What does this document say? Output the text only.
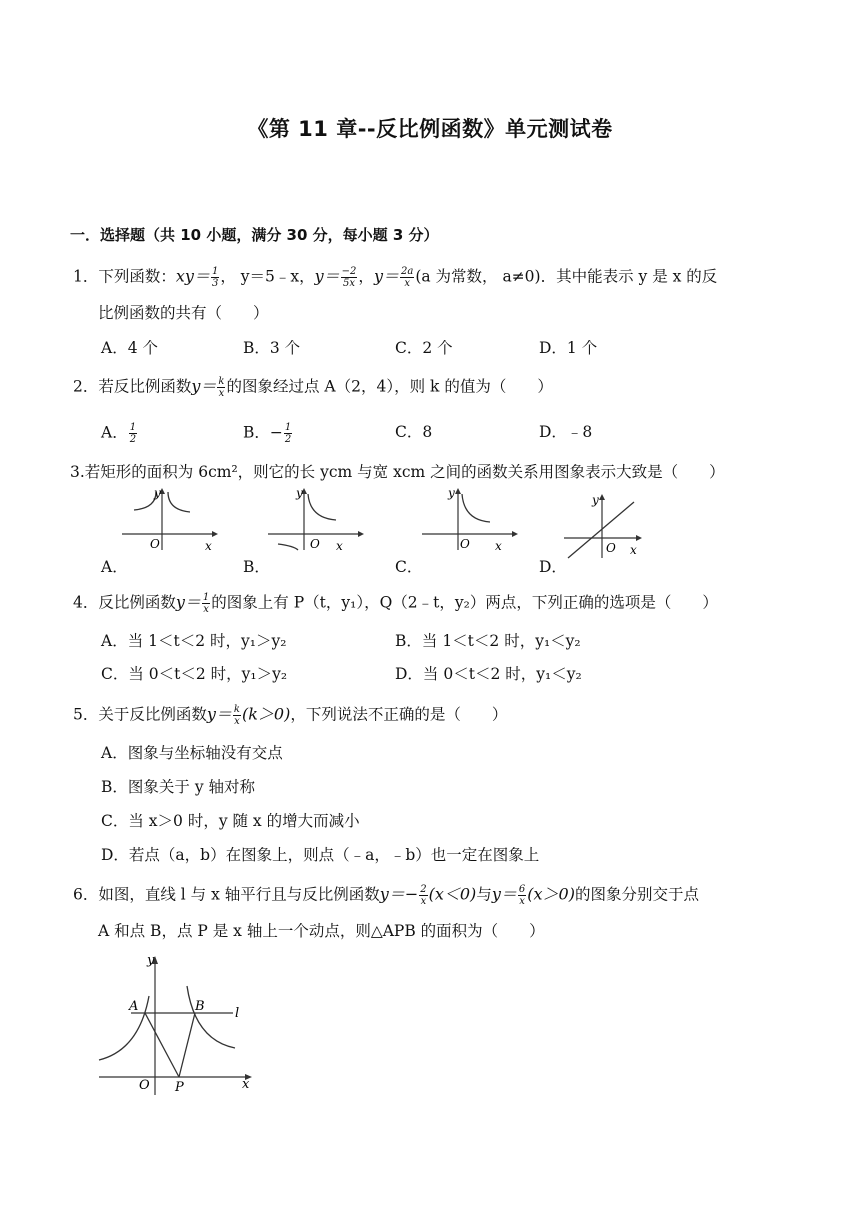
《第 11 章--反比例函数》单元测试卷
一．选择题（共 10 小题，满分 30 分，每小题 3 分）
1．下列函数：$xy= \frac{1}{3}$ ， y＝5﹣x，$y= \frac{-2}{5x}$ ，$y= \frac{2a}{x} (a$ 为常数， a≠0)．其中能表示 y 是 x 的反
比例函数的共有（　　）
A．4 个	B．3 个	C．2 个	D．1 个
2．若反比例函数$y= \frac{k}{x}$ 的图象经过点 A（2，4），则 k 的值为（　　）
A． $\frac{1}{2}$	B．− $\frac{1}{2}$	C．8	D．﹣8
3.若矩形的面积为 6cm²，则它的长 ycm 与宽 xcm 之间的函数关系用图象表示大致是（　　）
O	x
y
O x
y
O x
y
O x
y
A．	B．	C．	D．
4．反比例函数$y= \frac{1}{x}$ 的图象上有 P（t，y₁），Q（2﹣t，y₂）两点，下列正确的选项是（　　）
A．当 1＜t＜2 时，y₁＞y₂	B．当 1＜t＜2 时，y₁＜y₂
C．当 0＜t＜2 时，y₁＞y₂	D．当 0＜t＜2 时，y₁＜y₂
5．关于反比例函数$y= \frac{k}{x} (k>0)$，下列说法不正确的是（　　）
A．图象与坐标轴没有交点
B．图象关于 y 轴对称
C．当 x＞0 时，y 随 x 的增大而减小
D．若点（a，b）在图象上，则点（﹣a，﹣b）也一定在图象上
6．如图，直线 l 与 x 轴平行且与反比例函数$y=- \frac{2}{x} (x<0)$与$y= \frac{6}{x} (x>0)$的图象分别交于点
A 和点 B，点 P 是 x 轴上一个动点，则△APB 的面积为（　　）
y
x
O P
A	B l
